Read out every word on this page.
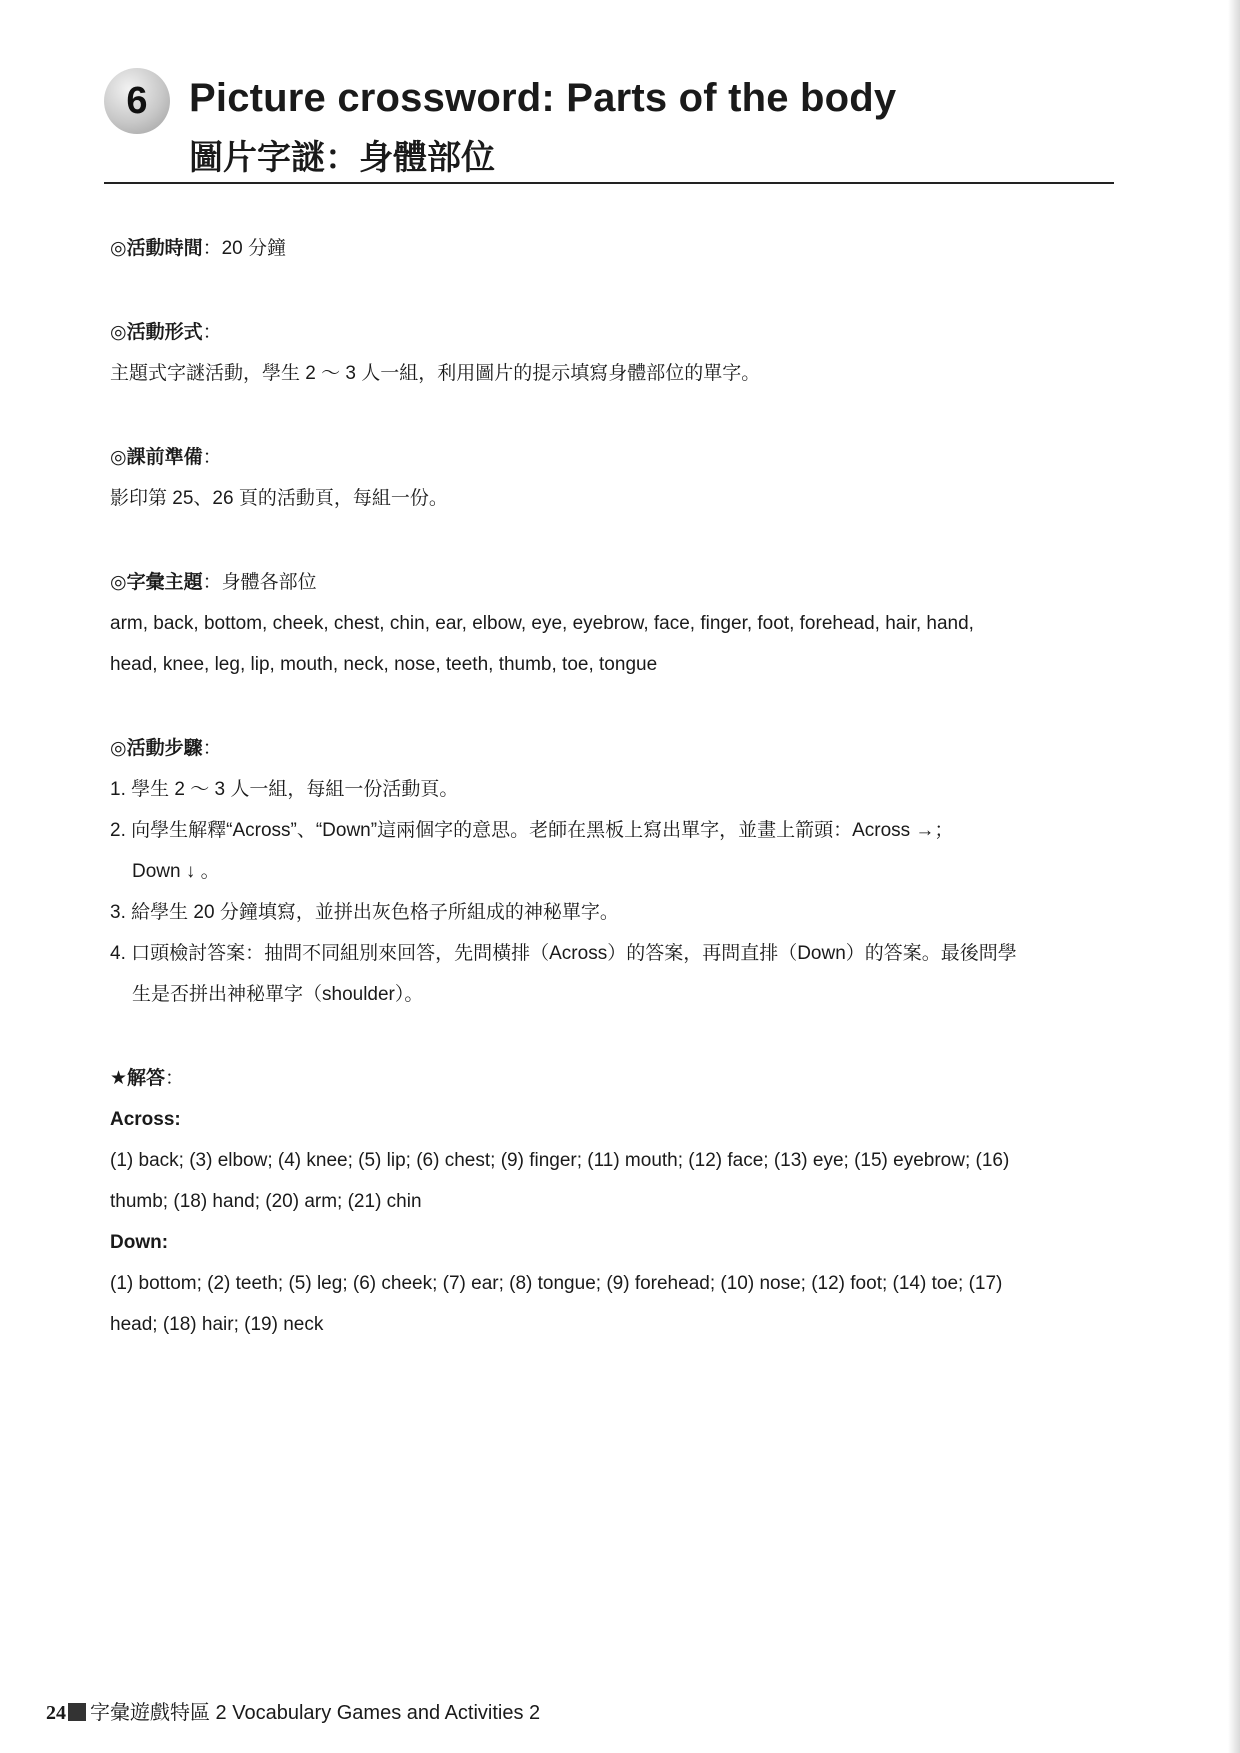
6	Picture crossword: Parts of the body
圖片字謎：身體部位
◎活動時間：20 分鐘
◎活動形式：
主題式字謎活動，學生 2 ～ 3 人一組，利用圖片的提示填寫身體部位的單字。
◎課前準備：
影印第 25、26 頁的活動頁，每組一份。
◎字彙主題：身體各部位
arm, back, bottom, cheek, chest, chin, ear, elbow, eye, eyebrow, face, finger, foot, forehead, hair, hand,
head, knee, leg, lip, mouth, neck, nose, teeth, thumb, toe, tongue
◎活動步驟：
1. 學生 2 ～ 3 人一組，每組一份活動頁。
2. 向學生解釋“Across”、“Down”這兩個字的意思。老師在黑板上寫出單字，並畫上箭頭：Across →；
Down ↓ 。
3. 給學生 20 分鐘填寫，並拼出灰色格子所組成的神秘單字。
4. 口頭檢討答案：抽問不同組別來回答，先問橫排（Across）的答案，再問直排（Down）的答案。最後問學
生是否拼出神秘單字（shoulder）。
★解答：
Across:
(1) back; (3) elbow; (4) knee; (5) lip; (6) chest; (9) finger; (11) mouth; (12) face; (13) eye; (15) eyebrow; (16)
thumb; (18) hand; (20) arm; (21) chin
Down:
(1) bottom; (2) teeth; (5) leg; (6) cheek; (7) ear; (8) tongue; (9) forehead; (10) nose; (12) foot; (14) toe; (17)
head; (18) hair; (19) neck
24 字彙遊戲特區 2 Vocabulary Games and Activities 2
